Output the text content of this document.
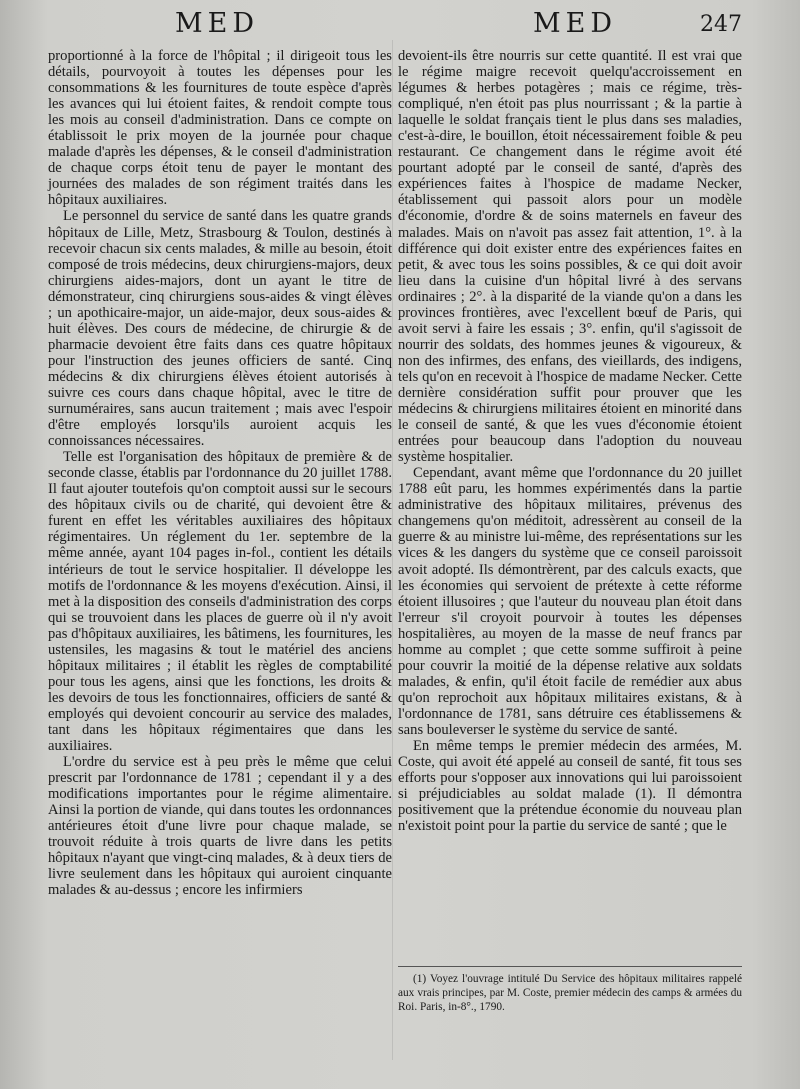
MED	MED	247

proportionné à la force de l'hôpital ; il dirigeoit tous les détails, pourvoyoit à toutes les dépenses pour les consommations & les fournitures de toute espèce d'après les avances qui lui étoient faites, & rendoit compte tous les mois au conseil d'administration. Dans ce compte on établissoit le prix moyen de la journée pour chaque malade d'après les dépenses, & le conseil d'administration de chaque corps étoit tenu de payer le montant des journées des malades de son régiment traités dans les hôpitaux auxiliaires.

Le personnel du service de santé dans les quatre grands hôpitaux de Lille, Metz, Strasbourg & Toulon, destinés à recevoir chacun six cents malades, & mille au besoin, étoit composé de trois médecins, deux chirurgiens-majors, deux chirurgiens aides-majors, dont un ayant le titre de démonstrateur, cinq chirurgiens sous-aides & vingt élèves ; un apothicaire-major, un aide-major, deux sous-aides & huit élèves. Des cours de médecine, de chirurgie & de pharmacie devoient être faits dans ces quatre hôpitaux pour l'instruction des jeunes officiers de santé. Cinq médecins & dix chirurgiens élèves étoient autorisés à suivre ces cours dans chaque hôpital, avec le titre de surnuméraires, sans aucun traitement ; mais avec l'espoir d'être employés lorsqu'ils auroient acquis les connoissances nécessaires.

Telle est l'organisation des hôpitaux de première & de seconde classe, établis par l'ordonnance du 20 juillet 1788. Il faut ajouter toutefois qu'on comptoit aussi sur le secours des hôpitaux civils ou de charité, qui devoient être & furent en effet les véritables auxiliaires des hôpitaux régimentaires. Un réglement du 1er. septembre de la même année, ayant 104 pages in-fol., contient les détails intérieurs de tout le service hospitalier. Il développe les motifs de l'ordonnance & les moyens d'exécution. Ainsi, il met à la disposition des conseils d'administration des corps qui se trouvoient dans les places de guerre où il n'y avoit pas d'hôpitaux auxiliaires, les bâtimens, les fournitures, les ustensiles, les magasins & tout le matériel des anciens hôpitaux militaires ; il établit les règles de comptabilité pour tous les agens, ainsi que les fonctions, les droits & les devoirs de tous les fonctionnaires, officiers de santé & employés qui devoient concourir au service des malades, tant dans les hôpitaux régimentaires que dans les auxiliaires.

L'ordre du service est à peu près le même que celui prescrit par l'ordonnance de 1781 ; cependant il y a des modifications importantes pour le régime alimentaire. Ainsi la portion de viande, qui dans toutes les ordonnances antérieures étoit d'une livre pour chaque malade, se trouvoit réduite à trois quarts de livre dans les petits hôpitaux n'ayant que vingt-cinq malades, & à deux tiers de livre seulement dans les hôpitaux qui auroient cinquante malades & au-dessus ; encore les infirmiers

devoient-ils être nourris sur cette quantité. Il est vrai que le régime maigre recevoit quelqu'accroissement en légumes & herbes potagères ; mais ce régime, très-compliqué, n'en étoit pas plus nourrissant ; & la partie à laquelle le soldat français tient le plus dans ses maladies, c'est-à-dire, le bouillon, étoit nécessairement foible & peu restaurant. Ce changement dans le régime avoit été pourtant adopté par le conseil de santé, d'après des expériences faites à l'hospice de madame Necker, établissement qui passoit alors pour un modèle d'économie, d'ordre & de soins maternels en faveur des malades. Mais on n'avoit pas assez fait attention, 1°. à la différence qui doit exister entre des expériences faites en petit, & avec tous les soins possibles, & ce qui doit avoir lieu dans la cuisine d'un hôpital livré à des servans ordinaires ; 2°. à la disparité de la viande qu'on a dans les provinces frontières, avec l'excellent bœuf de Paris, qui avoit servi à faire les essais ; 3°. enfin, qu'il s'agissoit de nourrir des soldats, des hommes jeunes & vigoureux, & non des infirmes, des enfans, des vieillards, des indigens, tels qu'on en recevoit à l'hospice de madame Necker. Cette dernière considération suffit pour prouver que les médecins & chirurgiens militaires étoient en minorité dans le conseil de santé, & que les vues d'économie étoient entrées pour beaucoup dans l'adoption du nouveau système hospitalier.

Cependant, avant même que l'ordonnance du 20 juillet 1788 eût paru, les hommes expérimentés dans la partie administrative des hôpitaux militaires, prévenus des changemens qu'on méditoit, adressèrent au conseil de la guerre & au ministre lui-même, des représentations sur les vices & les dangers du système que ce conseil paroissoit avoit adopté. Ils démontrèrent, par des calculs exacts, que les économies qui servoient de prétexte à cette réforme étoient illusoires ; que l'auteur du nouveau plan étoit dans l'erreur s'il croyoit pourvoir à toutes les dépenses hospitalières, au moyen de la masse de neuf francs par homme au complet ; que cette somme suffiroit à peine pour couvrir la moitié de la dépense relative aux soldats malades, & enfin, qu'il étoit facile de remédier aux abus qu'on reprochoit aux hôpitaux militaires existans, & à l'ordonnance de 1781, sans détruire ces établissemens & sans bouleverser le système du service de santé.

En même temps le premier médecin des armées, M. Coste, qui avoit été appelé au conseil de santé, fit tous ses efforts pour s'opposer aux innovations qui lui paroissoient si préjudiciables au soldat malade (1). Il démontra positivement que la prétendue économie du nouveau plan n'existoit point pour la partie du service de santé ; que le

(1) Voyez l'ouvrage intitulé Du Service des hôpitaux militaires rappelé aux vrais principes, par M. Coste, premier médecin des camps & armées du Roi. Paris, in-8°., 1790.
